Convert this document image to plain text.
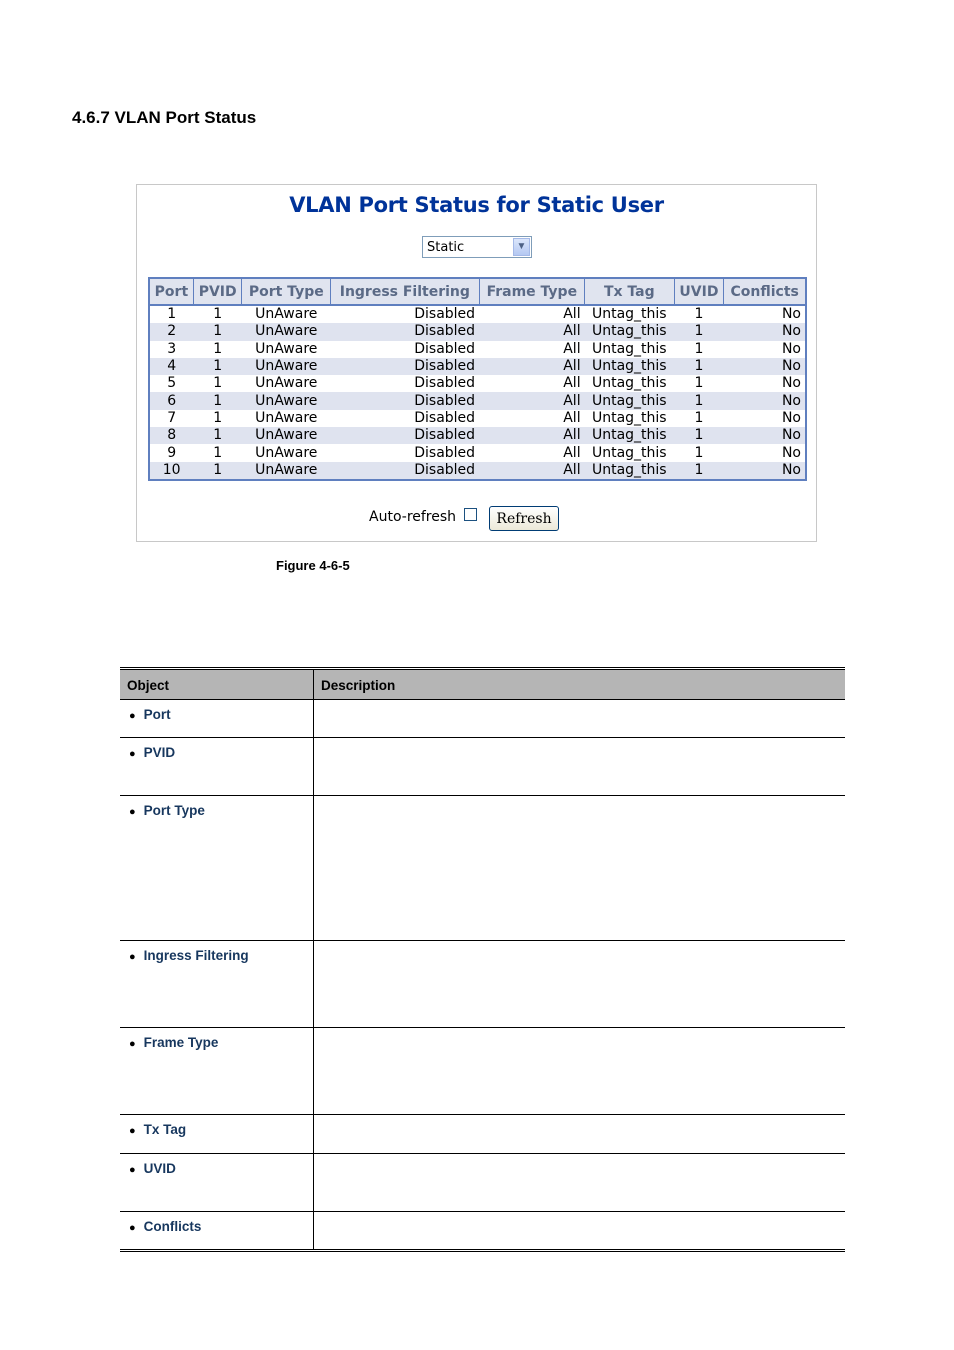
4.6.7 VLAN Port Status
VLAN Port Status for Static User
Static	▼
Port	PVID	Port Type	Ingress Filtering	Frame Type	Tx Tag	UVID	Conflicts
1	1	UnAware	Disabled	All	Untag_this	1	No
2	1	UnAware	Disabled	All	Untag_this	1	No
3	1	UnAware	Disabled	All	Untag_this	1	No
4	1	UnAware	Disabled	All	Untag_this	1	No
5	1	UnAware	Disabled	All	Untag_this	1	No
6	1	UnAware	Disabled	All	Untag_this	1	No
7	1	UnAware	Disabled	All	Untag_this	1	No
8	1	UnAware	Disabled	All	Untag_this	1	No
9	1	UnAware	Disabled	All	Untag_this	1	No
10	1	UnAware	Disabled	All	Untag_this	1	No
Auto-refresh	Refresh
Figure 4-6-5
Object	Description
● Port	
● PVID	
● Port Type	
● Ingress Filtering	
● Frame Type	
● Tx Tag	
● UVID	
● Conflicts	
